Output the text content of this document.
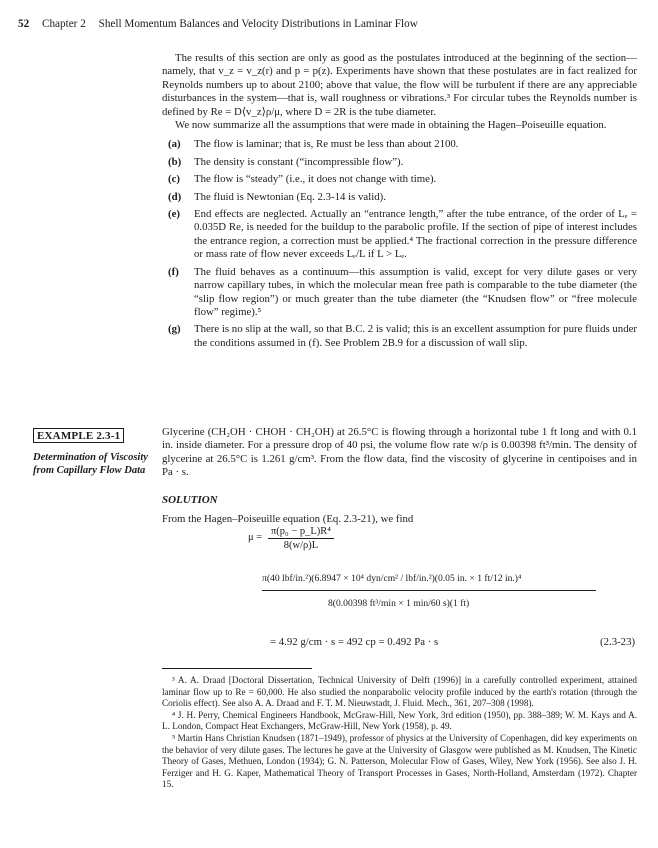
52 Chapter 2 Shell Momentum Balances and Velocity Distributions in Laminar Flow

The results of this section are only as good as the postulates introduced at the beginning of the section—namely, that v_z = v_z(r) and p = p(z). Experiments have shown that these postulates are in fact realized for Reynolds numbers up to about 2100; above that value, the flow will be turbulent if there are any appreciable disturbances in the system—that is, wall roughness or vibrations.³ For circular tubes the Reynolds number is defined by Re = D⟨v_z⟩ρ/μ, where D = 2R is the tube diameter.

We now summarize all the assumptions that were made in obtaining the Hagen–Poiseuille equation.

(a)	The flow is laminar; that is, Re must be less than about 2100.
(b)	The density is constant (“incompressible flow”).
(c)	The flow is “steady” (i.e., it does not change with time).
(d)	The fluid is Newtonian (Eq. 2.3-14 is valid).
(e)	End effects are neglected. Actually an “entrance length,” after the tube entrance, of the order of Lₑ = 0.035D Re, is needed for the buildup to the parabolic profile. If the section of pipe of interest includes the entrance region, a correction must be applied.⁴ The fractional correction in the pressure difference or mass rate of flow never exceeds Lₑ/L if L > Lₑ.
(f)	The fluid behaves as a continuum—this assumption is valid, except for very dilute gases or very narrow capillary tubes, in which the molecular mean free path is comparable to the tube diameter (the “slip flow region”) or much greater than the tube diameter (the “Knudsen flow” or “free molecule flow” regime).⁵
(g)	There is no slip at the wall, so that B.C. 2 is valid; this is an excellent assumption for pure fluids under the conditions assumed in (f). See Problem 2B.9 for a discussion of wall slip.
EXAMPLE 2.3-1
Determination of Viscosity from Capillary Flow Data
Glycerine (CH₂OH · CHOH · CH₂OH) at 26.5°C is flowing through a horizontal tube 1 ft long and with 0.1 in. inside diameter. For a pressure drop of 40 psi, the volume flow rate w/ρ is 0.00398 ft³/min. The density of glycerine at 26.5°C is 1.261 g/cm³. From the flow data, find the viscosity of glycerine in centipoises and in Pa · s.
SOLUTION
From the Hagen–Poiseuille equation (Eq. 2.3-21), we find
$\mu = \frac{\text{π(p₀ − p\_L)R⁴}}{8(w/\rho)L}$
π(40 lbf/in.²)(6.8947 × 10⁴ dyn/cm² / lbf/in.²)(0.05 in. × 1 ft/12 in.)⁴
8(0.00398 ft³/min × 1 min/60 s)(1 ft)
= 4.92 g/cm · s = 492 cp = 0.492 Pa · s	(2.3-23)

³ A. A. Draad [Doctoral Dissertation, Technical University of Delft (1996)] in a carefully controlled experiment, attained laminar flow up to Re = 60,000. He also studied the nonparabolic velocity profile induced by the earth's rotation (through the Coriolis effect). See also A. A. Draad and F. T. M. Nieuwstadt, J. Fluid. Mech., 361, 207–308 (1998).

⁴ J. H. Perry, Chemical Engineers Handbook, McGraw-Hill, New York, 3rd edition (1950), pp. 388–389; W. M. Kays and A. L. London, Compact Heat Exchangers, McGraw-Hill, New York (1958), p. 49.

⁵ Martin Hans Christian Knudsen (1871–1949), professor of physics at the University of Copenhagen, did key experiments on the behavior of very dilute gases. The lectures he gave at the University of Glasgow were published as M. Knudsen, The Kinetic Theory of Gases, Methuen, London (1934); G. N. Patterson, Molecular Flow of Gases, Wiley, New York (1956). See also J. H. Ferziger and H. G. Kaper, Mathematical Theory of Transport Processes in Gases, North-Holland, Amsterdam (1972). Chapter 15.
